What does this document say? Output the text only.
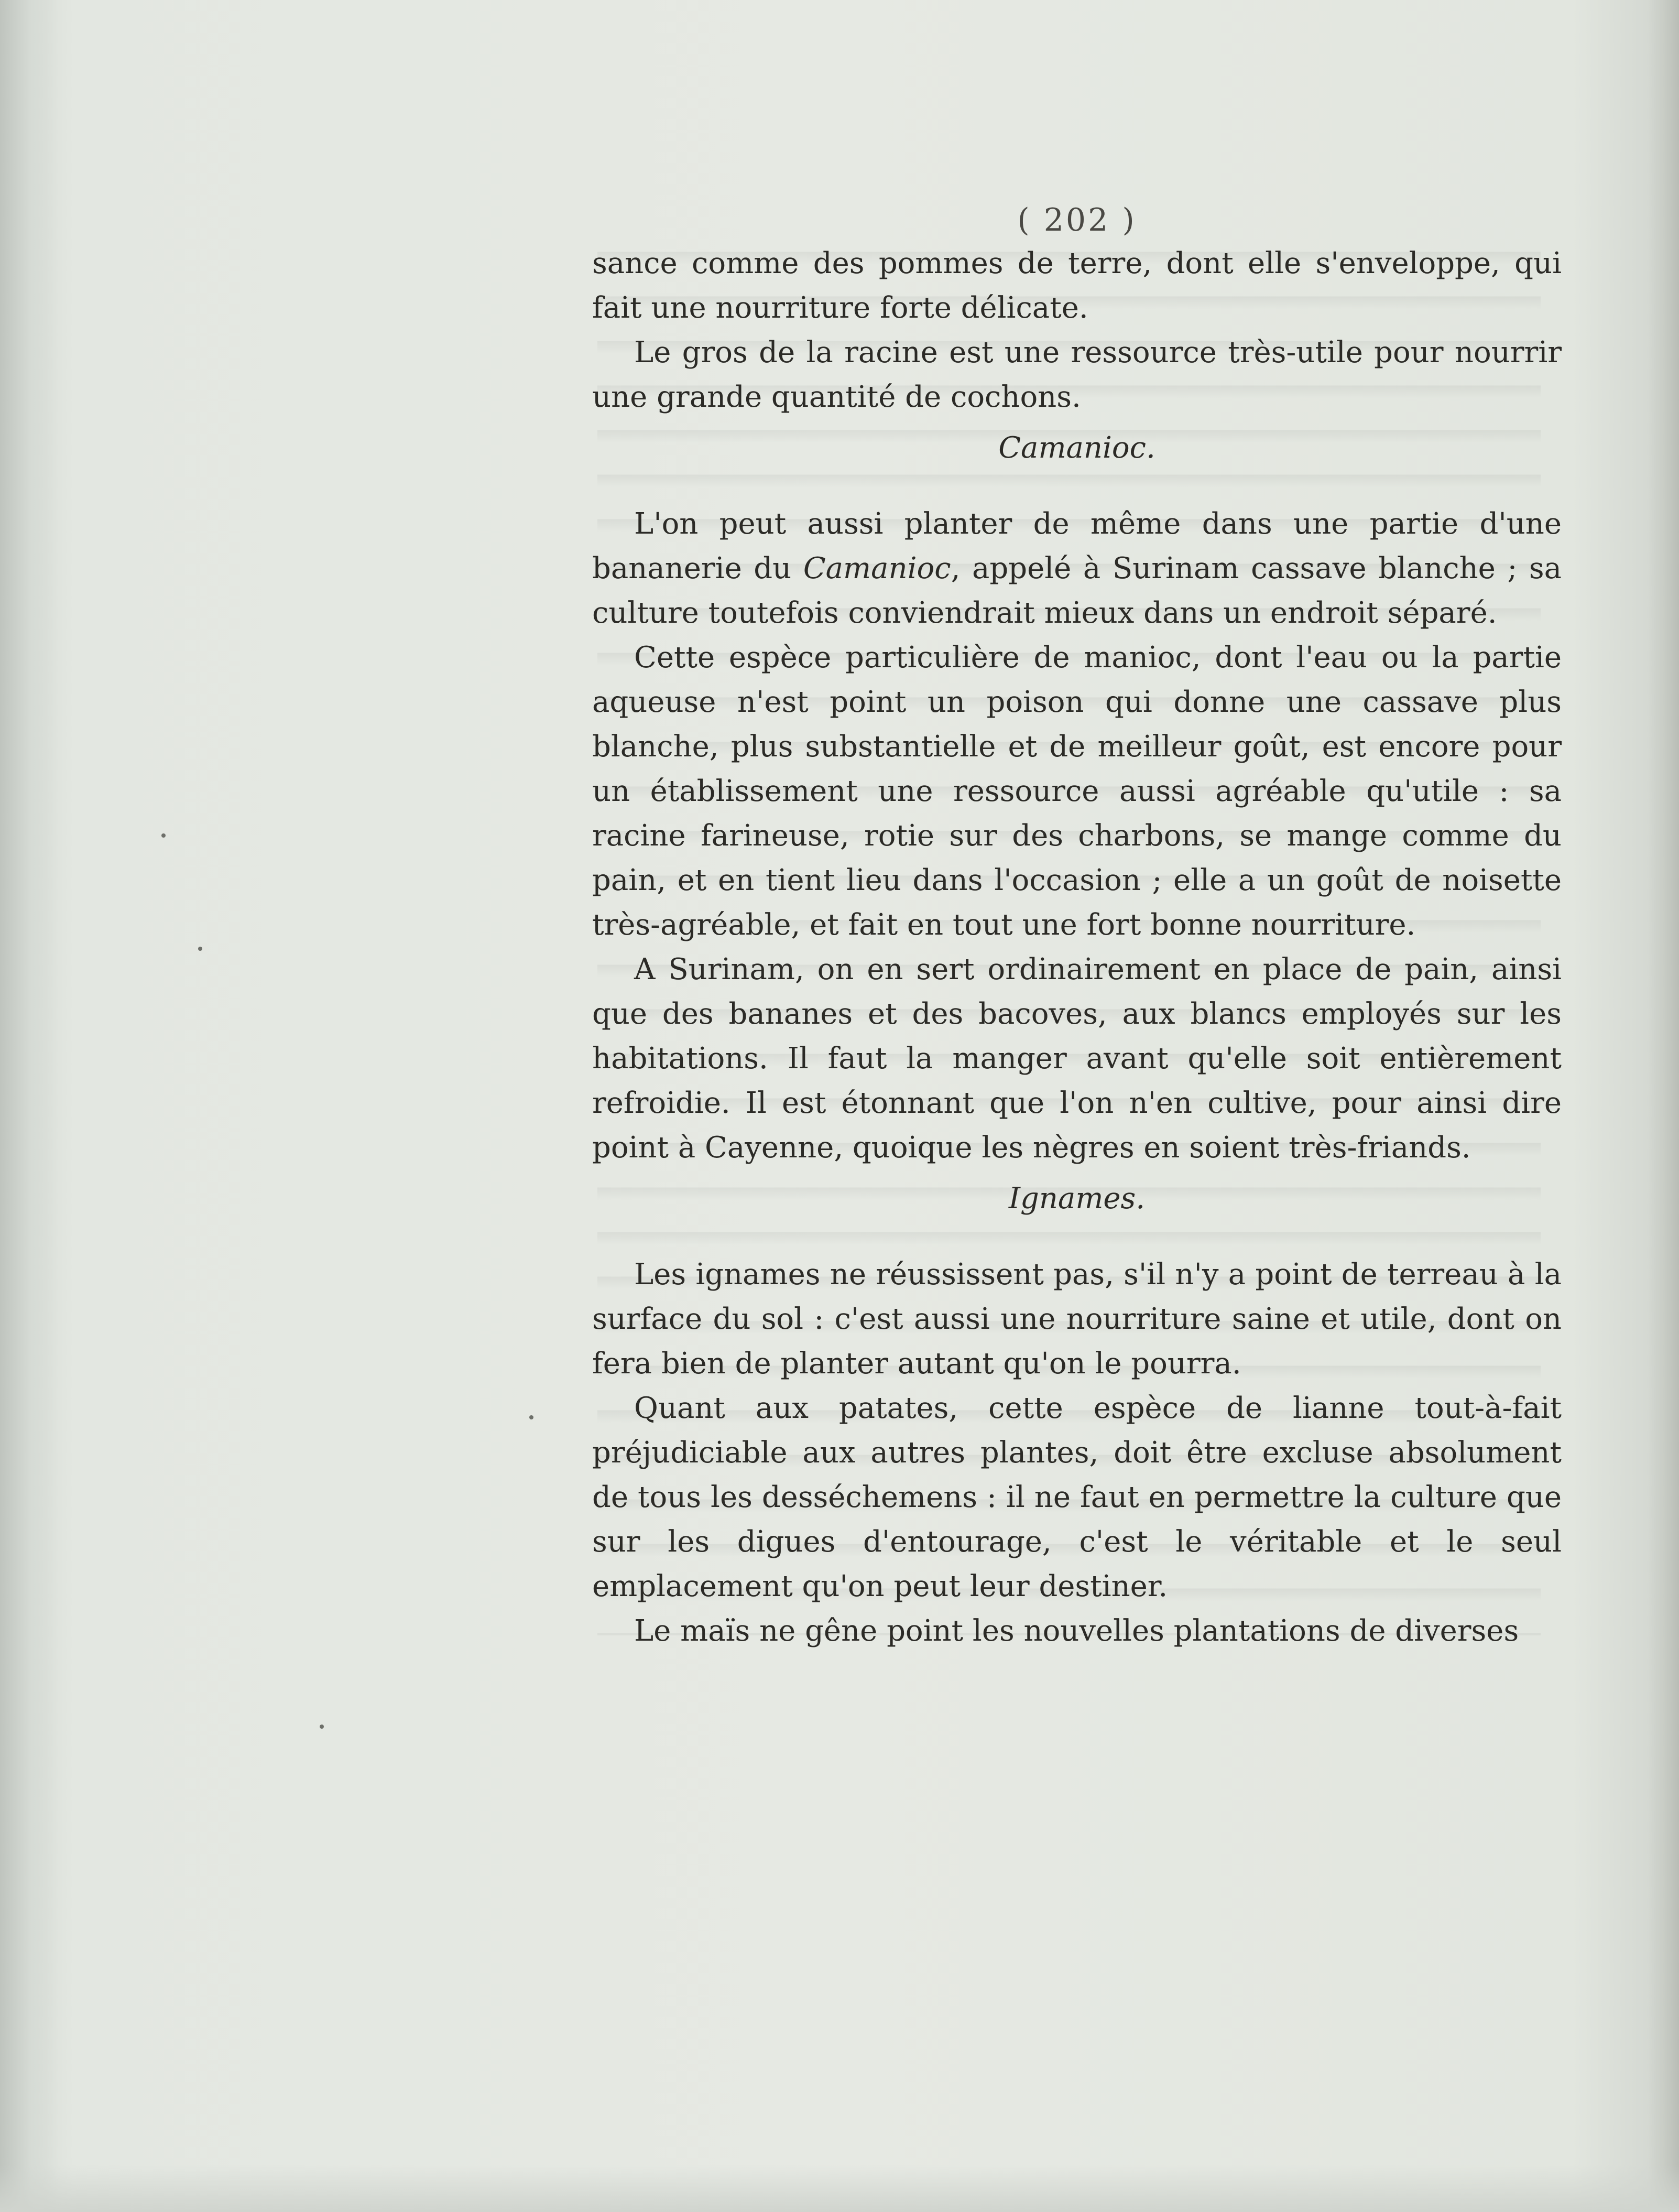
( 202 )

sance comme des pommes de terre, dont elle s'enveloppe, qui fait une nourriture forte délicate.

Le gros de la racine est une ressource très-utile pour nourrir une grande quantité de cochons.

Camanioc.

L'on peut aussi planter de même dans une partie d'une bananerie du Camanioc, appelé à Surinam cassave blanche ; sa culture toutefois conviendrait mieux dans un endroit séparé.

Cette espèce particulière de manioc, dont l'eau ou la partie aqueuse n'est point un poison qui donne une cassave plus blanche, plus substantielle et de meilleur goût, est encore pour un établissement une ressource aussi agréable qu'utile : sa racine farineuse, rotie sur des charbons, se mange comme du pain, et en tient lieu dans l'occasion ; elle a un goût de noisette très-agréable, et fait en tout une fort bonne nourriture.

A Surinam, on en sert ordinairement en place de pain, ainsi que des bananes et des bacoves, aux blancs employés sur les habitations. Il faut la manger avant qu'elle soit entièrement refroidie. Il est étonnant que l'on n'en cultive, pour ainsi dire point à Cayenne, quoique les nègres en soient très-friands.

Ignames.

Les ignames ne réussissent pas, s'il n'y a point de terreau à la surface du sol : c'est aussi une nourriture saine et utile, dont on fera bien de planter autant qu'on le pourra.

Quant aux patates, cette espèce de lianne tout-à-fait préjudiciable aux autres plantes, doit être excluse absolument de tous les desséchemens : il ne faut en permettre la culture que sur les digues d'entourage, c'est le véritable et le seul emplacement qu'on peut leur destiner.

Le maïs ne gêne point les nouvelles plantations de diverses
